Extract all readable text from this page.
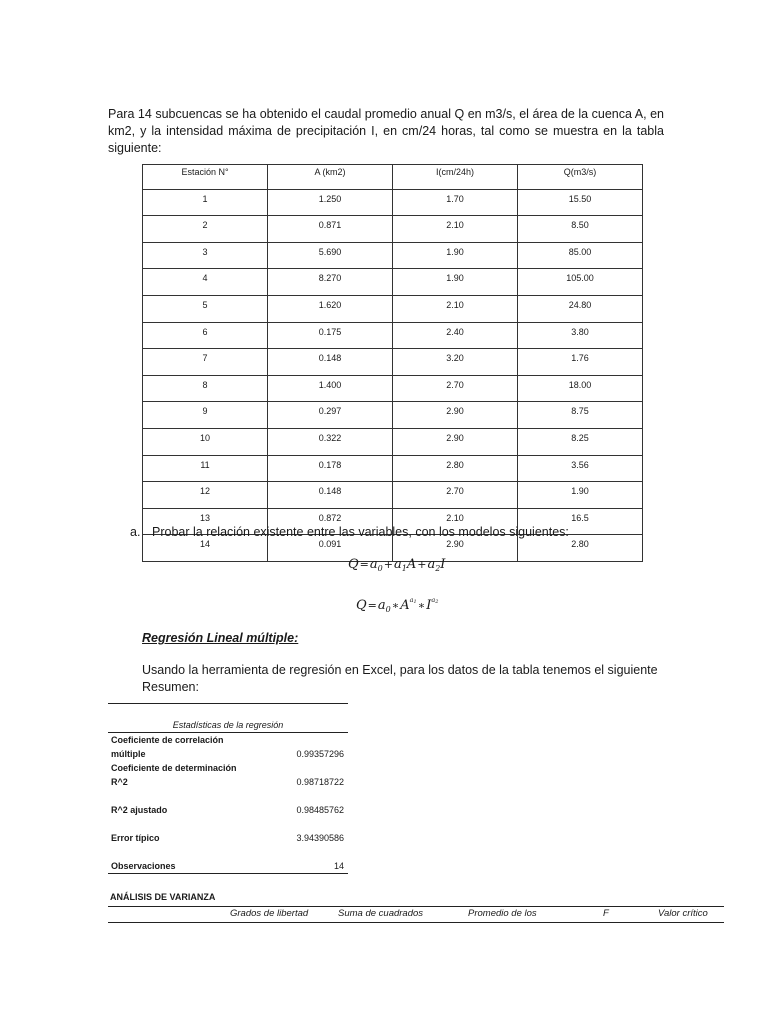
Para 14 subcuencas se ha obtenido el caudal promedio anual Q en m3/s, el área de la cuenca A, en km2, y la intensidad máxima de precipitación I, en cm/24 horas, tal como se muestra en la tabla siguiente:

Estación N°	A (km2)	I(cm/24h)	Q(m3/s)
1	1.250	1.70	15.50
2	0.871	2.10	8.50
3	5.690	1.90	85.00
4	8.270	1.90	105.00
5	1.620	2.10	24.80
6	0.175	2.40	3.80
7	0.148	3.20	1.76
8	1.400	2.70	18.00
9	0.297	2.90	8.75
10	0.322	2.90	8.25
11	0.178	2.80	3.56
12	0.148	2.70	1.90
13	0.872	2.10	16.5
14	0.091	2.90	2.80
a. Probar la relación existente entre las variables, con los modelos siguientes:
$Q=a_0+a_1A+a_2I$
$Q=a_0∗A^{a_1}∗I^{a_2}$
Regresión Lineal múltiple:

Usando la herramienta de regresión en Excel, para los datos de la tabla tenemos el siguiente Resumen:

Estadísticas de la regresión
Coeficiente de correlación
múltiple	0.99357296
Coeficiente de determinación
R^2	0.98718722
R^2 ajustado	0.98485762
Error típico	3.94390586
Observaciones	14
ANÁLISIS DE VARIANZA
Grados de libertad	Suma de cuadrados	Promedio de los	F	Valor crítico
